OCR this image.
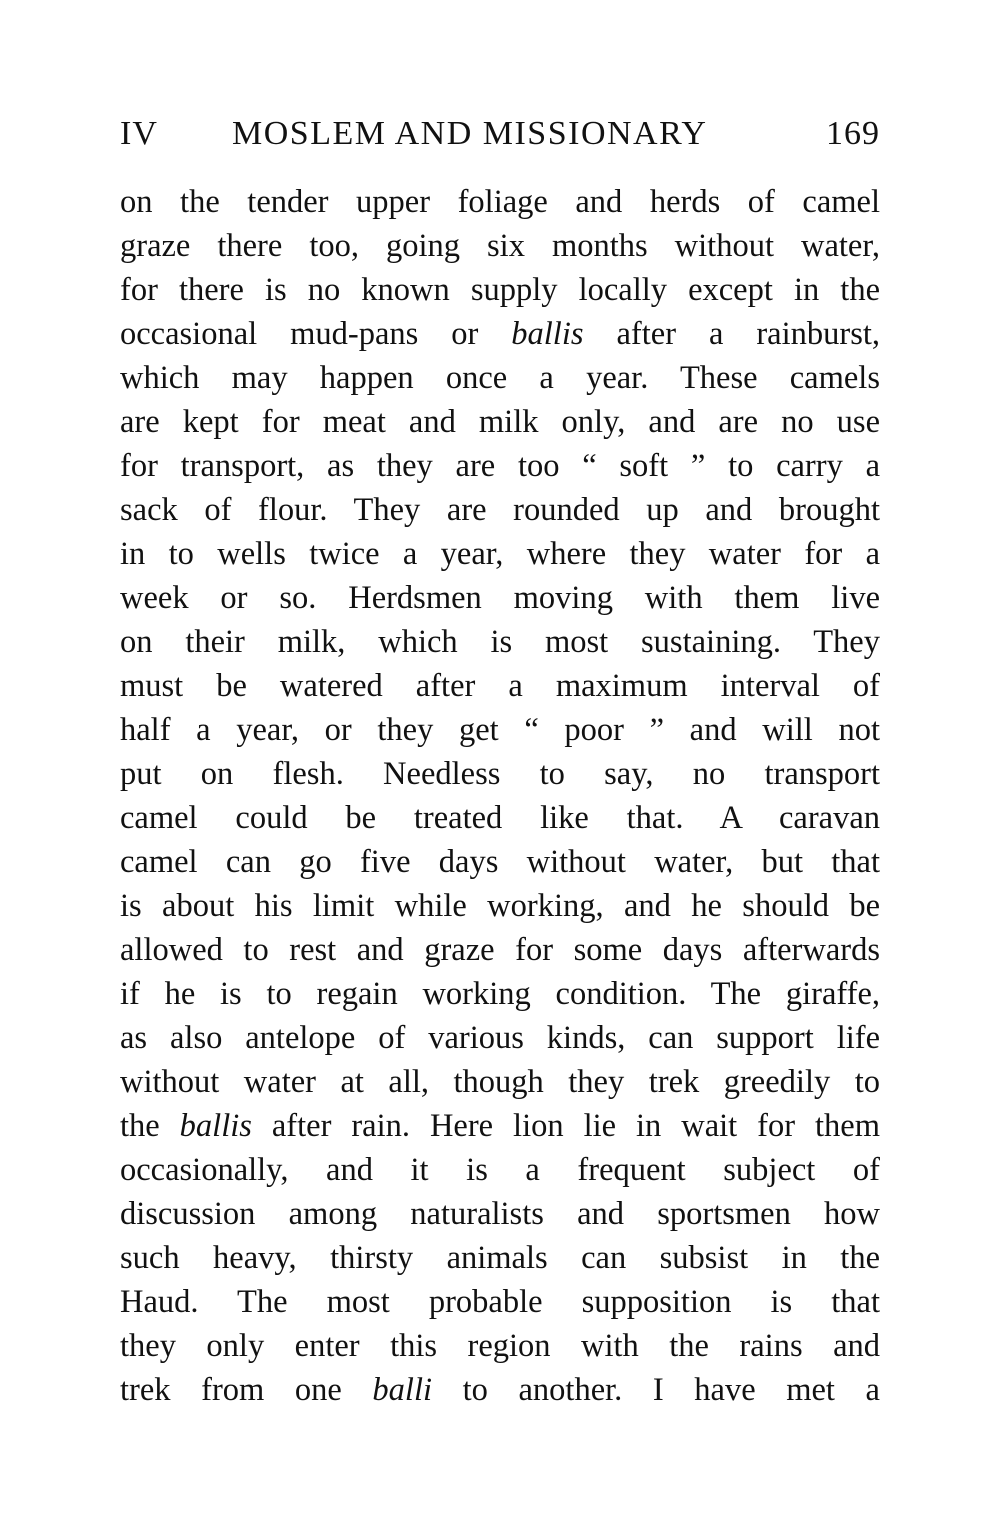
IV MOSLEM AND MISSIONARY	169
on the tender upper foliage and herds of camel
graze there too, going six months without water,
for there is no known supply locally except in the
occasional mud-pans or ballis after a rainburst,
which may happen once a year. These camels
are kept for meat and milk only, and are no use
for transport, as they are too “ soft ” to carry a
sack of flour. They are rounded up and brought
in to wells twice a year, where they water for a
week or so. Herdsmen moving with them live
on their milk, which is most sustaining. They
must be watered after a maximum interval of
half a year, or they get “ poor ” and will not
put on flesh. Needless to say, no transport
camel could be treated like that. A caravan
camel can go five days without water, but that
is about his limit while working, and he should be
allowed to rest and graze for some days afterwards
if he is to regain working condition. The giraffe,
as also antelope of various kinds, can support life
without water at all, though they trek greedily to
the ballis after rain. Here lion lie in wait for them
occasionally, and it is a frequent subject of
discussion among naturalists and sportsmen how
such heavy, thirsty animals can subsist in the
Haud. The most probable supposition is that
they only enter this region with the rains and
trek from one balli to another. I have met a
